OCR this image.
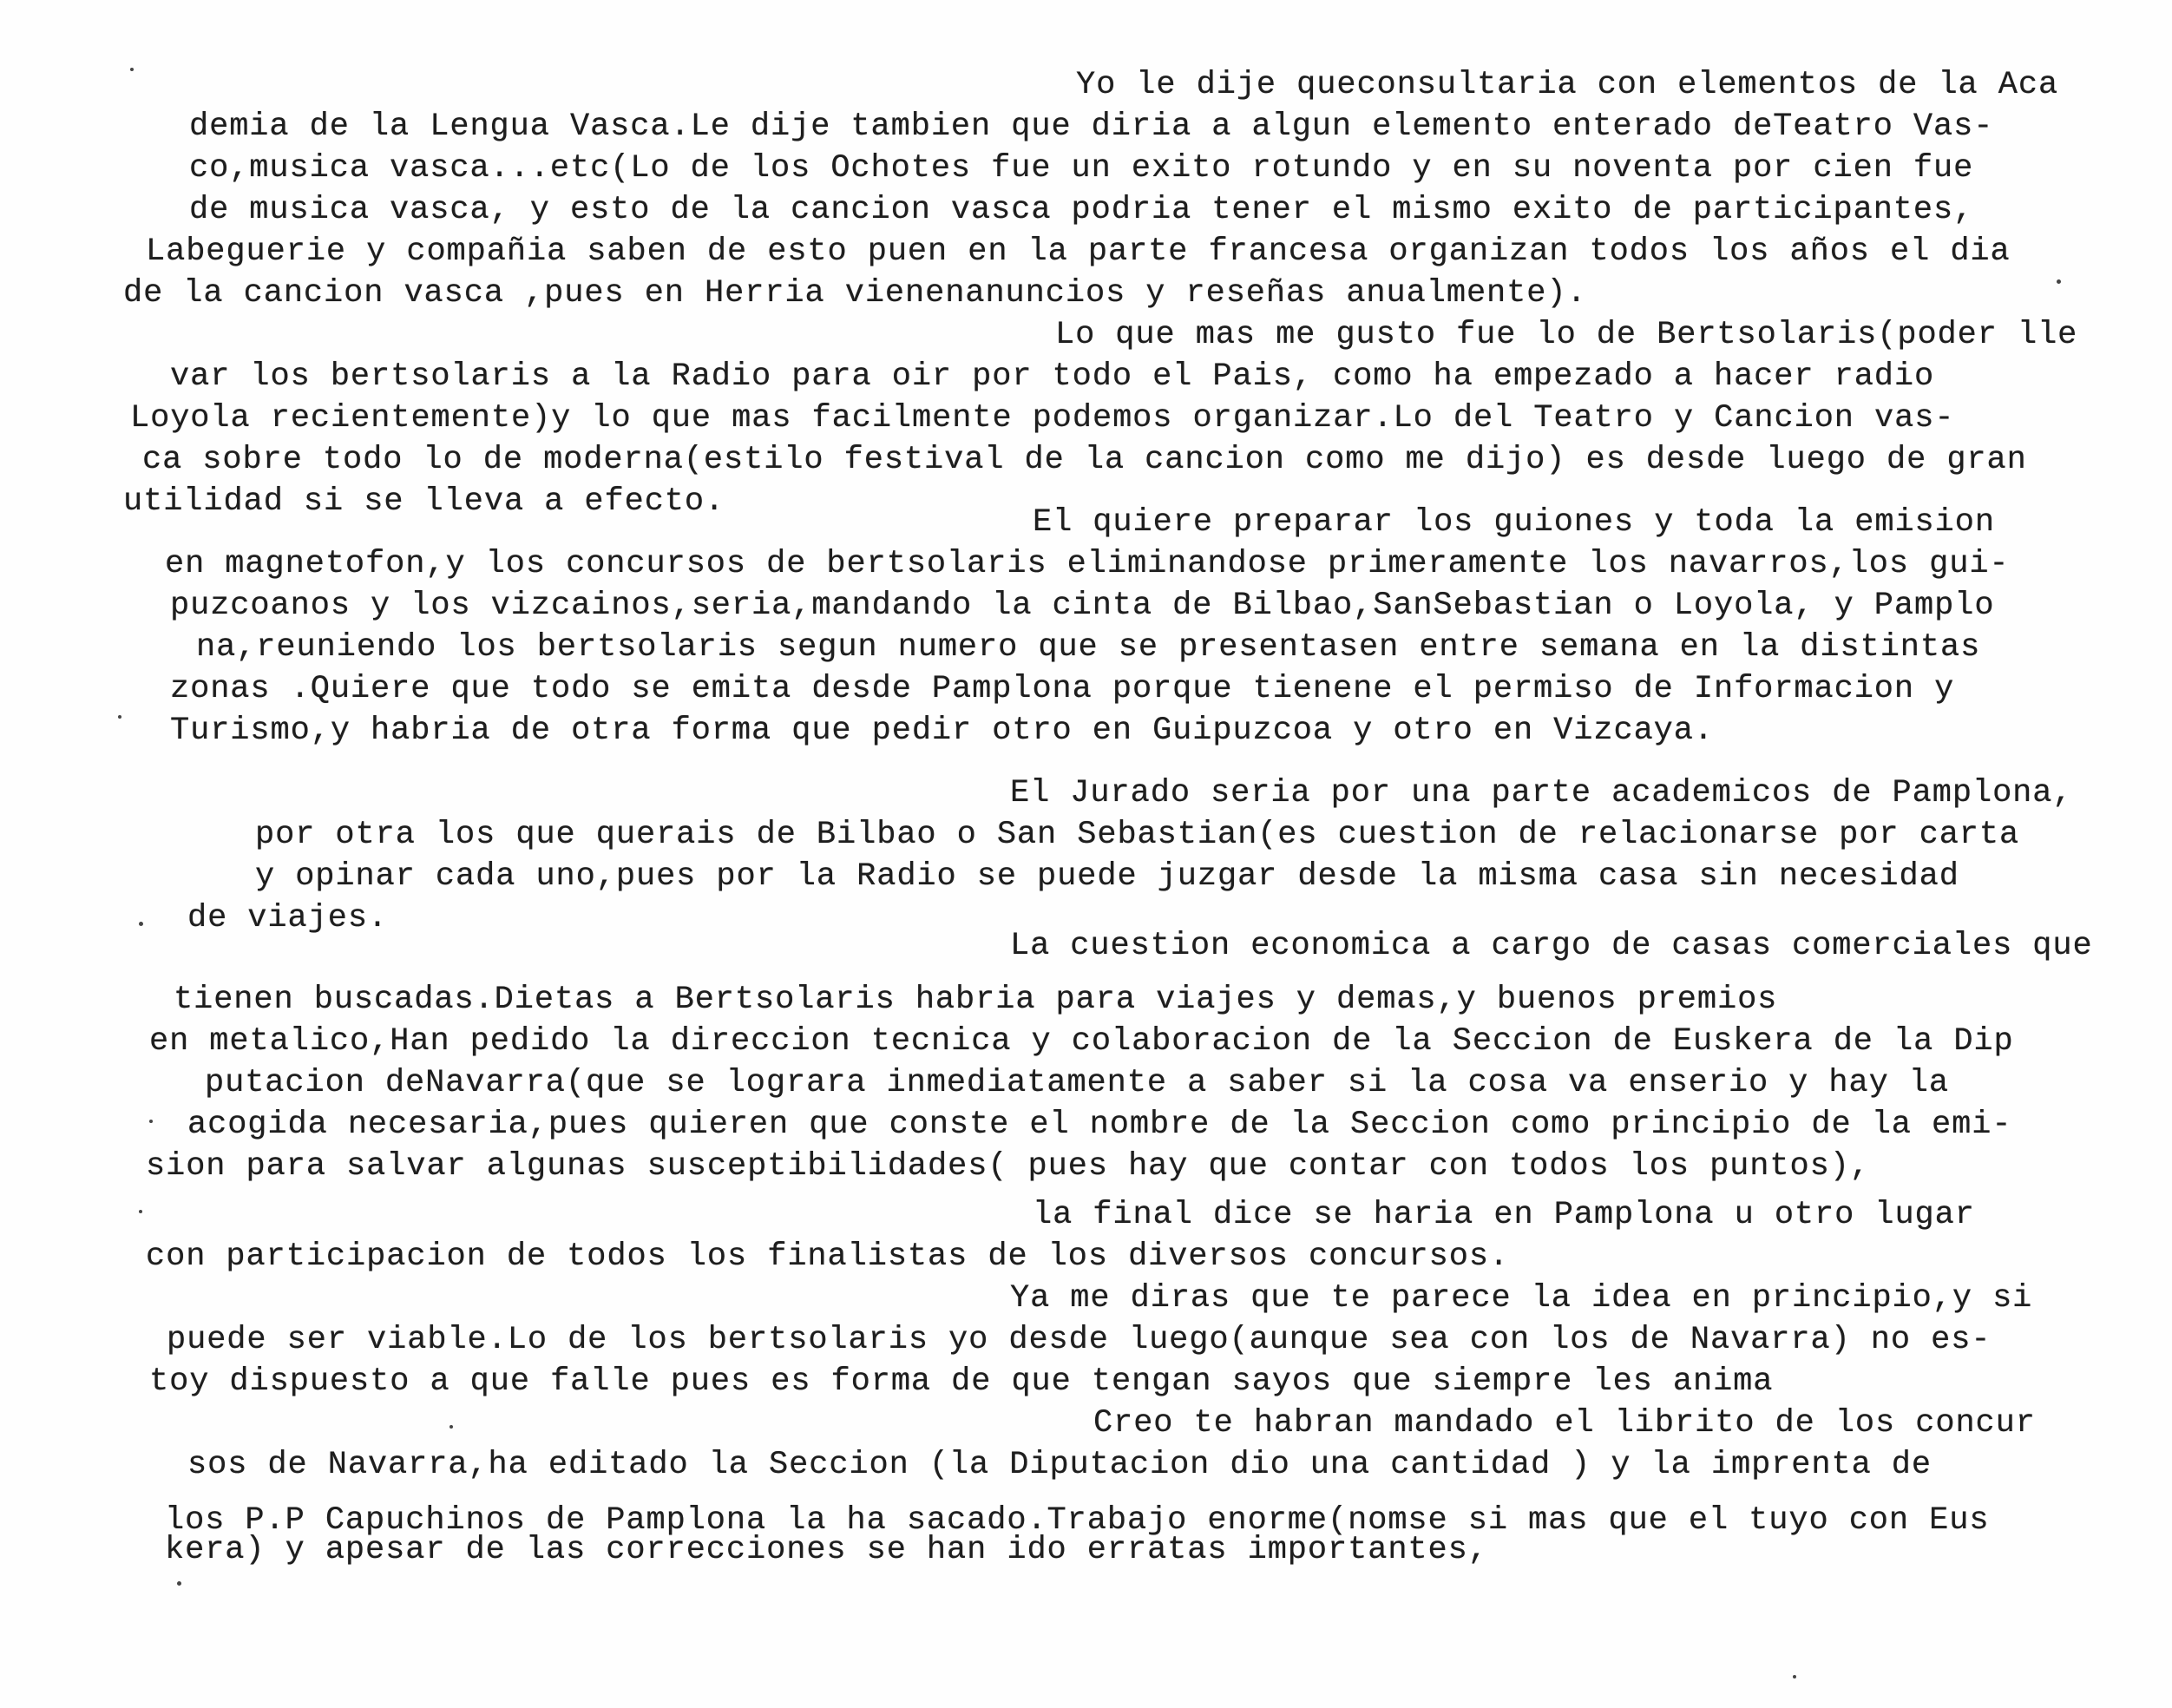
Yo le dije queconsultaria con elementos de la Aca
demia de la Lengua Vasca.Le dije tambien que diria a algun elemento enterado deTeatro Vas-
co,musica vasca...etc(Lo de los Ochotes fue un exito rotundo y en su noventa por cien fue
de musica vasca, y esto de la cancion vasca podria tener el mismo exito de participantes,
Labeguerie y compañia saben de esto puen en la parte francesa organizan todos los años el dia
de la cancion vasca ,pues en Herria vienenanuncios y reseñas anualmente).
Lo que mas me gusto fue lo de Bertsolaris(poder lle
var los bertsolaris a la Radio para oir por todo el Pais, como ha empezado a hacer radio
Loyola recientemente)y lo que mas facilmente podemos organizar.Lo del Teatro y Cancion vas-
ca sobre todo lo de moderna(estilo festival de la cancion como me dijo) es desde luego de gran
utilidad si se lleva a efecto.
El quiere preparar los guiones y toda la emision
en magnetofon,y los concursos de bertsolaris eliminandose primeramente los navarros,los gui-
puzcoanos y los vizcainos,seria,mandando la cinta de Bilbao,SanSebastian o Loyola, y Pamplo
na,reuniendo los bertsolaris segun numero que se presentasen entre semana en la distintas
zonas .Quiere que todo se emita desde Pamplona porque tienene el permiso de Informacion y
Turismo,y habria de otra forma que pedir otro en Guipuzcoa y otro en Vizcaya.
El Jurado seria por una parte academicos de Pamplona,
por otra los que querais de Bilbao o San Sebastian(es cuestion de relacionarse por carta
y opinar cada uno,pues por la Radio se puede juzgar desde la misma casa sin necesidad
de viajes.
La cuestion economica a cargo de casas comerciales que
tienen buscadas.Dietas a Bertsolaris habria para viajes y demas,y buenos premios
en metalico,Han pedido la direccion tecnica y colaboracion de la Seccion de Euskera de la Dip
putacion deNavarra(que se lograra inmediatamente a saber si la cosa va enserio y hay la
acogida necesaria,pues quieren que conste el nombre de la Seccion como principio de la emi-
sion para salvar algunas susceptibilidades( pues hay que contar con todos los puntos),
la final dice se haria en Pamplona u otro lugar
con participacion de todos los finalistas de los diversos concursos.
Ya me diras que te parece la idea en principio,y si
puede ser viable.Lo de los bertsolaris yo desde luego(aunque sea con los de Navarra) no es-
toy dispuesto a que falle pues es forma de que tengan sayos que siempre les anima
Creo te habran mandado el librito de los concur
sos de Navarra,ha editado la Seccion (la Diputacion dio una cantidad ) y la imprenta de
los P.P Capuchinos de Pamplona la ha sacado.Trabajo enorme(nomse si mas que el tuyo con Eus
kera) y apesar de las correcciones se han ido erratas importantes,
